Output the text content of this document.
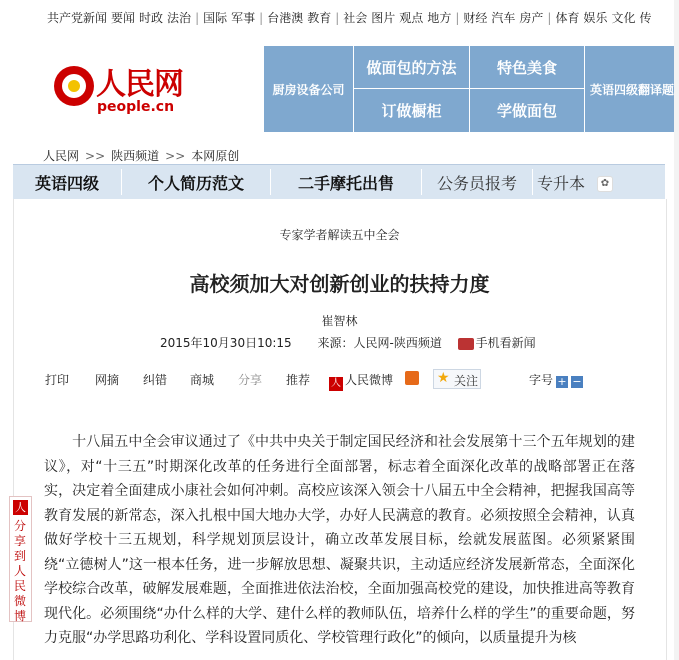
共产党新闻 要闻 时政 法治 | 国际 军事 | 台港澳 教育 | 社会 图片 观点 地方 | 财经 汽车 房产 | 体育 娱乐 文化 传
人民网
people.cn
厨房设备公司
做面包的方法	特色美食
订做橱柜	学做面包
英语四级翻译题
人民网 >> 陕西频道 >> 本网原创
英语四级	个人简历范文	二手摩托出售	公务员报考	专升本	✿
专家学者解读五中全会
高校须加大对创新创业的扶持力度
崔智林
2015年10月30日10:15 来源：人民网-陕西频道	手机看新闻
打印 网摘 纠错 商城 分享 推荐 人 人民微博	★ 关注	字号 + −
十八届五中全会审议通过了《中共中央关于制定国民经济和社会发展第十三个五年规划的建议》，对“十三五”时期深化改革的任务进行全面部署，标志着全面深化改革的战略部署正在落实，决定着全面建成小康社会如何冲刺。高校应该深入领会十八届五中全会精神，把握我国高等教育发展的新常态，深入扎根中国大地办大学，办好人民满意的教育。必须按照全会精神，认真做好学校十三五规划，科学规划顶层设计，确立改革发展目标，绘就发展蓝图。必须紧紧围绕“立德树人”这一根本任务，进一步解放思想、凝聚共识，主动适应经济发展新常态，全面深化学校综合改革，破解发展难题，全面推进依法治校，全面加强高校党的建设，加快推进高等教育现代化。必须围绕“办什么样的大学、建什么样的教师队伍，培养什么样的学生”的重要命题，努力克服“办学思路功利化、学科设置同质化、学校管理行政化”的倾向，以质量提升为核
人
分享到人民微博
